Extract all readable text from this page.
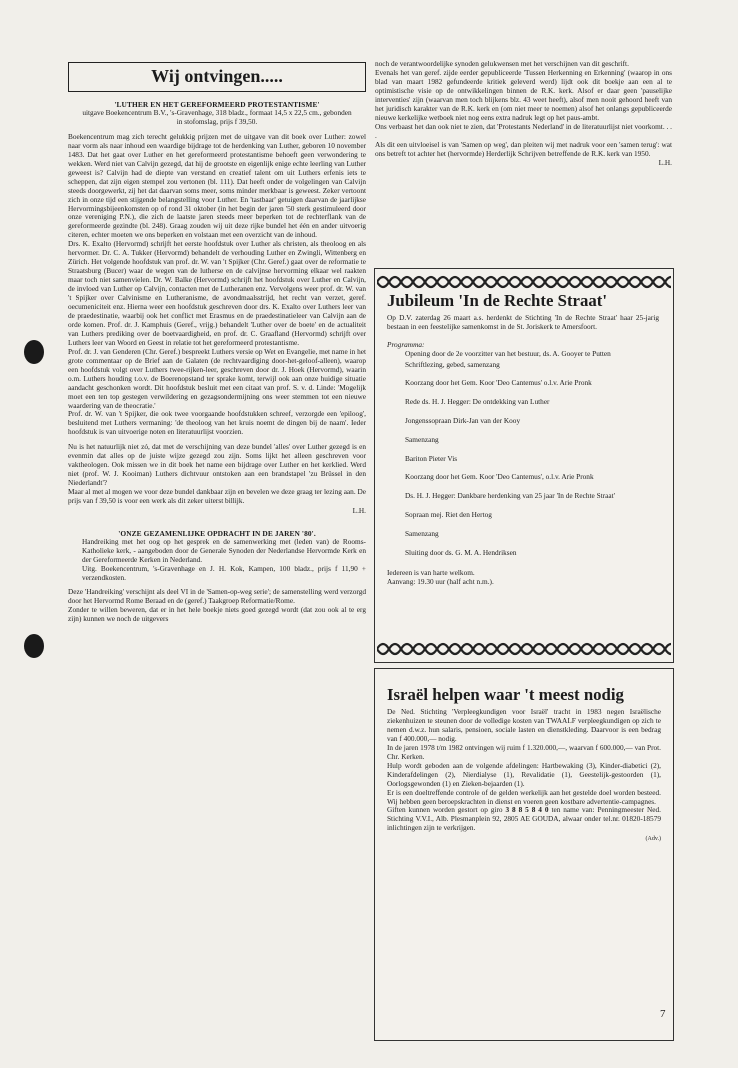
Wij ontvingen.....

'LUTHER EN HET GEREFORMEERD PROTESTANTISME'

uitgave Boekencentrum B.V., 's-Gravenhage, 318 bladz., formaat 14,5 x 22,5 cm., gebonden in stofomslag, prijs f 39,50.

Boekencentrum mag zich terecht gelukkig prijzen met de uitgave van dit boek over Luther: zowel naar vorm als naar inhoud een waardige bijdrage tot de herdenking van Luther, geboren 10 november 1483. Dat het gaat over Luther en het gereformeerd protestantisme behoeft geen verwondering te wekken. Werd niet van Calvijn gezegd, dat hij de grootste en eigenlijk enige echte leerling van Luther geweest is? Calvijn had de diepte van verstand en creatief talent om uit Luthers erfenis iets te scheppen, dat zijn eigen stempel zou vertonen (bl. 111). Dat heeft onder de volgelingen van Calvijn steeds doorgewerkt, zij het dat daarvan soms meer, soms minder merkbaar is geweest. Zeker vertoont zich in onze tijd een stijgende belangstelling voor Luther. En 'tastbaar' getuigen daarvan de jaarlijkse Hervormingsbijeenkomsten op of rond 31 oktober (in het begin der jaren '50 sterk gestimuleerd door onze vereniging P.N.), die zich de laatste jaren steeds meer beperken tot de rechterflank van de gereformeerde gezindte (bl. 248). Graag zouden wij uit deze rijke bundel het één en ander uitvoerig citeren, echter moeten we ons beperken en volstaan met een overzicht van de inhoud.

Drs. K. Exalto (Hervormd) schrijft het eerste hoofdstuk over Luther als christen, als theoloog en als hervormer. Dr. C. A. Tukker (Hervormd) behandelt de verhouding Luther en Zwingli, Wittenberg en Zürich. Het volgende hoofdstuk van prof. dr. W. van 't Spijker (Chr. Geref.) gaat over de reformatie te Straatsburg (Bucer) waar de wegen van de lutherse en de calvijnse hervorming elkaar wel raakten maar toch niet samenvielen. Dr. W. Balke (Hervormd) schrijft het hoofdstuk over Luther en Calvijn, de invloed van Luther op Calvijn, contacten met de Lutheranen enz. Vervolgens weer prof. dr. W. van 't Spijker over Calvinisme en Lutheranisme, de avondmaalsstrijd, het recht van verzet, geref. oecumeniciteit enz. Hierna weer een hoofdstuk geschreven door drs. K. Exalto over Luthers leer van de praedestinatie, waarbij ook het conflict met Erasmus en de praedestinatieleer van Calvijn aan de orde komen. Prof. dr. J. Kamphuis (Geref., vrijg.) behandelt 'Luther over de boete' en de actualiteit van Luthers prediking over de boetvaardigheid, en prof. dr. C. Graafland (Hervormd) schrijft over Luthers leer van Woord en Geest in relatie tot het gereformeerd protestantisme.

Prof. dr. J. van Genderen (Chr. Geref.) bespreekt Luthers versie op Wet en Evangelie, met name in het grote commentaar op de Brief aan de Galaten (de rechtvaardiging door-het-geloof-alleen), waarop een hoofdstuk volgt over Luthers twee-rijken-leer, geschreven door dr. J. Hoek (Hervormd), waarin o.m. Luthers houding t.o.v. de Boerenopstand ter sprake komt, terwijl ook aan onze huidige situatie aandacht geschonken wordt. Dit hoofdstuk besluit met een citaat van prof. S. v. d. Linde: 'Mogelijk moet een ten top gestegen verwildering en gezagsondermijning ons weer stemmen tot een nieuwe waardering van de theocratie.'

Prof. dr. W. van 't Spijker, die ook twee voorgaande hoofdstukken schreef, verzorgde een 'epiloog', besluitend met Luthers vermaning: 'de theoloog van het kruis noemt de dingen bij de naam'. Ieder hoofdstuk is van uitvoerige noten en literatuurlijst voorzien.

Nu is het natuurlijk niet zó, dat met de verschijning van deze bundel 'alles' over Luther gezegd is en evenmin dat alles op de juiste wijze gezegd zou zijn. Soms lijkt het alleen geschreven voor vaktheologen. Ook missen we in dit boek het name een bijdrage over Luther en het kerklied. Werd niet (prof. W. J. Kooiman) Luthers dichtvuur ontstoken aan een brandstapel 'zu Brüssel in den Niederlandt'?

Maar al met al mogen we voor deze bundel dankbaar zijn en bevelen we deze graag ter lezing aan. De prijs van f 39,50 is voor een werk als dit zeker uiterst billijk.

L.H.

'ONZE GEZAMENLIJKE OPDRACHT IN DE JAREN '80'.

Handreiking met het oog op het gesprek en de samenwerking met (leden van) de Rooms-Katholieke kerk, - aangeboden door de Generale Synoden der Nederlandse Hervormde Kerk en der Gereformeerde Kerken in Nederland.

Uitg. Boekencentrum, 's-Gravenhage en J. H. Kok, Kampen, 100 bladz., prijs f 11,90 + verzendkosten.

Deze 'Handreiking' verschijnt als deel VI in de 'Samen-op-weg serie'; de samenstelling werd verzorgd door het Hervormd Rome Beraad en de (geref.) Taakgroep Reformatie/Rome.

Zonder te willen beweren, dat er in het hele boekje niets goed gezegd wordt (dat zou ook al te erg zijn) kunnen we noch de uitgevers

noch de verantwoordelijke synoden gelukwensen met het verschijnen van dit geschrift.

Evenals het van geref. zijde eerder gepubliceerde 'Tussen Herkenning en Erkenning' (waarop in ons blad van maart 1982 gefundeerde kritiek geleverd werd) lijdt ook dit boekje aan een al te optimistische visie op de ontwikkelingen binnen de R.K. kerk. Alsof er daar geen 'pauselijke interventies' zijn (waarvan men toch blijkens blz. 43 weet heeft), alsof men nooit gehoord heeft van het juridisch karakter van de R.K. kerk en (om niet meer te noemen) alsof het onlangs gepubliceerde nieuwe kerkelijke wetboek niet nog eens extra nadruk legt op het paus-ambt.

Ons verbaast het dan ook niet te zien, dat 'Protestants Nederland' in de literatuurlijst niet voorkomt. . . .

Als dit een uitvloeisel is van 'Samen op weg', dan pleiten wij met nadruk voor een 'samen terug': wat ons betreft tot achter het (hervormde) Herderlijk Schrijven betreffende de R.K. kerk van 1950.

L.H.

Jubileum 'In de Rechte Straat'

Op D.V. zaterdag 26 maart a.s. herdenkt de Stichting 'In de Rechte Straat' haar 25-jarig bestaan in een feestelijke samenkomst in de St. Joriskerk te Amersfoort.

Programma:

Opening door de 2e voorzitter van het bestuur, ds. A. Gooyer te Putten

Schriftlezing, gebed, samenzang

Koorzang door het Gem. Koor 'Deo Cantemus' o.l.v. Arie Pronk

Rede ds. H. J. Hegger: De ontdekking van Luther

Jongenssopraan Dirk-Jan van der Kooy

Samenzang

Bariton Pieter Vis

Koorzang door het Gem. Koor 'Deo Cantemus', o.l.v. Arie Pronk

Ds. H. J. Hegger: Dankbare herdenking van 25 jaar 'In de Rechte Straat'

Sopraan mej. Riet den Hertog

Samenzang

Sluiting door ds. G. M. A. Hendriksen

Iedereen is van harte welkom.

Aanvang: 19.30 uur (half acht n.m.).

Israël helpen waar 't meest nodig

De Ned. Stichting 'Verpleegkundigen voor Israël' tracht in 1983 negen Israëlische ziekenhuizen te steunen door de volledige kosten van TWAALF verpleegkundigen op zich te nemen d.w.z. hun salaris, pensioen, sociale lasten en dienstkleding. Daarvoor is een bedrag van f 400.000,— nodig.

In de jaren 1978 t/m 1982 ontvingen wij ruim f 1.320.000,—, waarvan f 600.000,— van Prot. Chr. Kerken.

Hulp wordt geboden aan de volgende afdelingen: Hartbewaking (3), Kinder-diabetici (2), Kinderafdelingen (2), Nierdialyse (1), Revalidatie (1), Geestelijk-gestoorden (1), Oorlogsgewonden (1) en Zieken-bejaarden (1).

Er is een doeltreffende controle of de gelden werkelijk aan het gestelde doel worden besteed. Wij hebben geen beroepskrachten in dienst en voeren geen kostbare advertentie-campagnes.

Giften kunnen worden gestort op giro 3 8 8 5 8 4 0 ten name van: Penningmeester Ned. Stichting V.V.I., Alb. Plesmanplein 92, 2805 AE GOUDA, alwaar onder tel.nr. 01820-18579 inlichtingen zijn te verkrijgen.

(Adv.)

7
